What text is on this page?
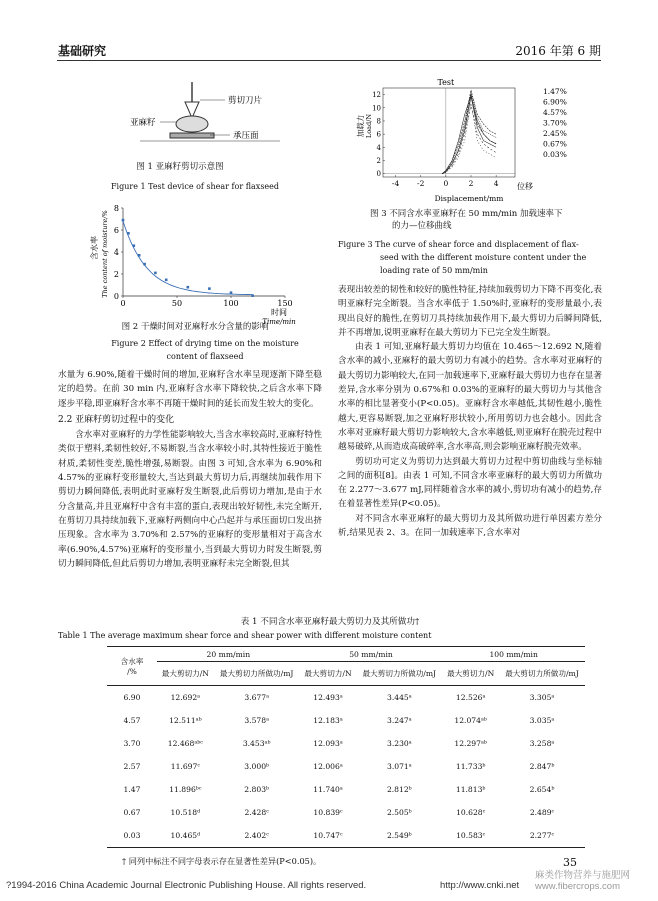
基础研究	2016 年第 6 期
剪切刀片
亚麻籽
承压面
图 1 亚麻籽剪切示意图
Figure 1 Test device of shear for flaxseed
0	50	100	150
0
2
4
6
8
时间
Time/min
含水率 The content of moisture/%
图 2 干燥时间对亚麻籽水分含量的影响
Figure 2 Effect of drying time on the moisture
content of flaxseed

水量为 6.90%,随着干燥时间的增加,亚麻籽含水率呈现逐渐下降至稳定的趋势。在前 30 min 内,亚麻籽含水率下降较快,之后含水率下降逐步平稳,即亚麻籽含水率不再随干燥时间的延长而发生较大的变化。

2.2 亚麻籽剪切过程中的变化

含水率对亚麻籽的力学性能影响较大,当含水率较高时,亚麻籽特性类似于塑料,柔韧性较好,不易断裂,当含水率较小时,其特性接近于脆性材质,柔韧性变差,脆性增强,易断裂。由图 3 可知,含水率为 6.90%和 4.57%的亚麻籽变形量较大,当达到最大剪切力后,再继续加载作用下剪切力瞬间降低,表明此时亚麻籽发生断裂,此后剪切力增加,是由于水分含量高,并且亚麻籽中含有丰富的蛋白,表现出较好韧性,未完全断开,在剪切刀具持续加载下,亚麻籽两侧向中心凸起并与承压面切口发出挤压现象。含水率为 3.70%和 2.57%的亚麻籽的变形量相对于高含水率(6.90%,4.57%)亚麻籽的变形量小,当到最大剪切力时发生断裂,剪切力瞬间降低,但此后剪切力增加,表明亚麻籽未完全断裂,但其

Test
-4 -2	0	2	4
0
2
4
6
8
10
12	1.47%
6.90%
4.57%
3.70%
2.45%
0.67%
0.03%
加载力 Load/N
位移
Displacement/mm
图 3 不同含水率亚麻籽在 50 mm/min 加载速率下
的力—位移曲线
Figure 3 The curve of shear force and displacement of flax-
seed with the different moisture content under the
loading rate of 50 mm/min

表现出较差的韧性和较好的脆性特征,持续加载剪切力下降不再变化,表明亚麻籽完全断裂。当含水率低于 1.50%时,亚麻籽的变形量最小,表现出良好的脆性,在剪切刀具持续加载作用下,最大剪切力后瞬间降低,并不再增加,说明亚麻籽在最大剪切力下已完全发生断裂。

由表 1 可知,亚麻籽最大剪切力均值在 10.465～12.692 N,随着含水率的减小,亚麻籽的最大剪切力有减小的趋势。含水率对亚麻籽的最大剪切力影响较大,在同一加载速率下,亚麻籽最大剪切力也存在显著差异,含水率分别为 0.67%和 0.03%的亚麻籽的最大剪切力与其他含水率的相比显著变小(P<0.05)。亚麻籽含水率越低,其韧性越小,脆性越大,更容易断裂,加之亚麻籽形状较小,所用剪切力也会越小。因此含水率对亚麻籽最大剪切力影响较大,含水率越低,则亚麻籽在脱壳过程中越易破碎,从而造成高破碎率,含水率高,则会影响亚麻籽脱壳效率。

剪切功可定义为剪切力达到最大剪切力过程中剪切曲线与坐标轴之间的面积[8]。由表 1 可知,不同含水率亚麻籽的最大剪切力所做功在 2.277～3.677 mJ,同样随着含水率的减小,剪切功有减小的趋势,存在着显著性差异(P<0.05)。

对不同含水率亚麻籽的最大剪切力及其所做功进行单因素方差分析,结果见表 2、3。在同一加载速率下,含水率对

表 1 不同含水率亚麻籽最大剪切力及其所做功†
Table 1 The average maximum shear force and shear power with different moisture content
含水率
/%	20 mm/min		50 mm/min		100 mm/min	
	最大剪切力/N	最大剪切力所做功/mJ	最大剪切力/N	最大剪切力所做功/mJ	最大剪切力/N	最大剪切力所做功/mJ
6.90	12.692ᵃ	3.677ᵃ	12.493ᵃ	3.445ᵃ	12.526ᵃ	3.305ᵃ
4.57	12.511ᵃᵇ	3.578ᵃ	12.183ᵃ	3.247ᵃ	12.074ᵃᵇ	3.035ᵃ
3.70	12.468ᵃᵇᶜ	3.453ᵃᵇ	12.093ᵃ	3.230ᵃ	12.297ᵃᵇ	3.258ᵃ
2.57	11.697ᶜ	3.000ᵇ	12.006ᵃ	3.071ᵃ	11.733ᵇ	2.847ᵇ
1.47	11.896ᵇᶜ	2.803ᵇ	11.740ᵃ	2.812ᵇ	11.813ᵇ	2.654ᵇ
0.67	10.518ᵈ	2.428ᶜ	10.839ᶜ	2.505ᵇ	10.628ᶜ	2.489ᶜ
0.03	10.465ᵈ	2.402ᶜ	10.747ᶜ	2.549ᵇ	10.583ᶜ	2.277ᶜ
† 同列中标注不同字母表示存在显著性差异(P<0.05)。	35
?1994-2016 China Academic Journal Electronic Publishing House. All rights reserved.	http://www.cnki.net
麻类作物营养与施肥网 www.fibercrops.com
